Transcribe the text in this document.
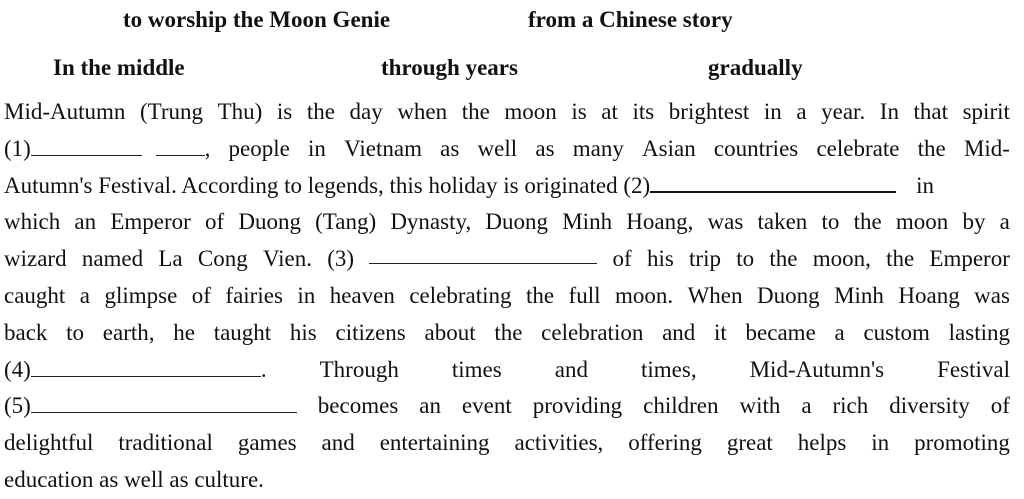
to worship the Moon Genie	from a Chinese story
In the middle	through years	gradually
Mid-Autumn (Trung Thu) is the day when the moon is at its brightest in a year. In that spirit
(1)	, people in Vietnam as well as many Asian countries celebrate the Mid-
Autumn's Festival. According to legends, this holiday is originated (2)	in
which an Emperor of Duong (Tang) Dynasty, Duong Minh Hoang, was taken to the moon by a
wizard named La Cong Vien. (3)	of his trip to the moon, the Emperor
caught a glimpse of fairies in heaven celebrating the full moon. When Duong Minh Hoang was
back to earth, he taught his citizens about the celebration and it became a custom lasting
(4)	. Through times and times, Mid-Autumn's Festival
(5)	becomes an event providing children with a rich diversity of
delightful traditional games and entertaining activities, offering great helps in promoting
education as well as culture.
